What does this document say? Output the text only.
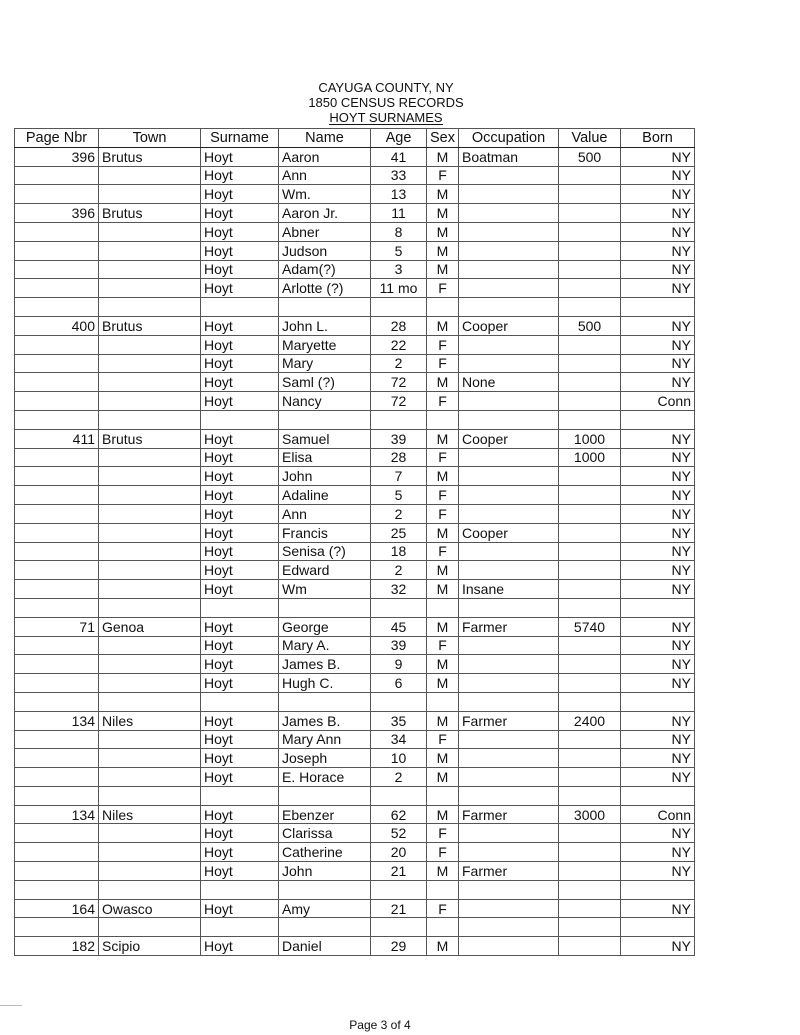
CAYUGA COUNTY, NY
1850 CENSUS RECORDS
HOYT SURNAMES
Page Nbr	Town	Surname	Name	Age	Sex	Occupation	Value	Born
396	Brutus	Hoyt	Aaron	41	M	Boatman	500	NY
		Hoyt	Ann	33	F			NY
		Hoyt	Wm.	13	M			NY
396	Brutus	Hoyt	Aaron Jr.	11	M			NY
		Hoyt	Abner	8	M			NY
		Hoyt	Judson	5	M			NY
		Hoyt	Adam(?)	3	M			NY
		Hoyt	Arlotte (?)	11 mo	F			NY

400	Brutus	Hoyt	John L.	28	M	Cooper	500	NY
		Hoyt	Maryette	22	F			NY
		Hoyt	Mary	2	F			NY
		Hoyt	Saml (?)	72	M	None		NY
		Hoyt	Nancy	72	F			Conn

411	Brutus	Hoyt	Samuel	39	M	Cooper	1000	NY
		Hoyt	Elisa	28	F		1000	NY
		Hoyt	John	7	M			NY
		Hoyt	Adaline	5	F			NY
		Hoyt	Ann	2	F			NY
		Hoyt	Francis	25	M	Cooper		NY
		Hoyt	Senisa (?)	18	F			NY
		Hoyt	Edward	2	M			NY
		Hoyt	Wm	32	M	Insane		NY

71	Genoa	Hoyt	George	45	M	Farmer	5740	NY
		Hoyt	Mary A.	39	F			NY
		Hoyt	James B.	9	M			NY
		Hoyt	Hugh C.	6	M			NY

134	Niles	Hoyt	James B.	35	M	Farmer	2400	NY
		Hoyt	Mary Ann	34	F			NY
		Hoyt	Joseph	10	M			NY
		Hoyt	E. Horace	2	M			NY

134	Niles	Hoyt	Ebenzer	62	M	Farmer	3000	Conn
		Hoyt	Clarissa	52	F			NY
		Hoyt	Catherine	20	F			NY
		Hoyt	John	21	M	Farmer		NY

164	Owasco	Hoyt	Amy	21	F			NY

182	Scipio	Hoyt	Daniel	29	M			NY
Page 3 of 4
